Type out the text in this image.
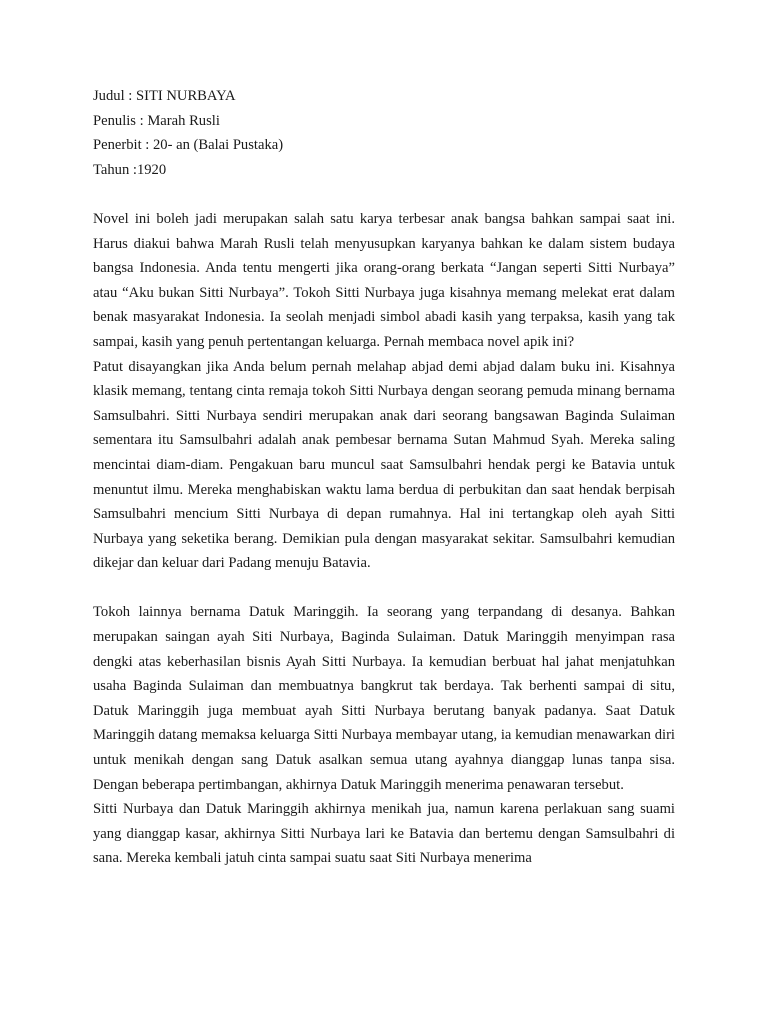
Judul : SITI NURBAYA
Penulis : Marah Rusli
Penerbit : 20- an (Balai Pustaka)
Tahun :1920

Novel ini boleh jadi merupakan salah satu karya terbesar anak bangsa bahkan sampai saat ini. Harus diakui bahwa Marah Rusli telah menyusupkan karyanya bahkan ke dalam sistem budaya bangsa Indonesia. Anda tentu mengerti jika orang-orang berkata “Jangan seperti Sitti Nurbaya” atau “Aku bukan Sitti Nurbaya”. Tokoh Sitti Nurbaya juga kisahnya memang melekat erat dalam benak masyarakat Indonesia. Ia seolah menjadi simbol abadi kasih yang terpaksa, kasih yang tak sampai, kasih yang penuh pertentangan keluarga. Pernah membaca novel apik ini?

Patut disayangkan jika Anda belum pernah melahap abjad demi abjad dalam buku ini. Kisahnya klasik memang, tentang cinta remaja tokoh Sitti Nurbaya dengan seorang pemuda minang bernama Samsulbahri. Sitti Nurbaya sendiri merupakan anak dari seorang bangsawan Baginda Sulaiman sementara itu Samsulbahri adalah anak pembesar bernama Sutan Mahmud Syah. Mereka saling mencintai diam-diam. Pengakuan baru muncul saat Samsulbahri hendak pergi ke Batavia untuk menuntut ilmu. Mereka menghabiskan waktu lama berdua di perbukitan dan saat hendak berpisah Samsulbahri mencium Sitti Nurbaya di depan rumahnya. Hal ini tertangkap oleh ayah Sitti Nurbaya yang seketika berang. Demikian pula dengan masyarakat sekitar. Samsulbahri kemudian dikejar dan keluar dari Padang menuju Batavia.

Tokoh lainnya bernama Datuk Maringgih. Ia seorang yang terpandang di desanya. Bahkan merupakan saingan ayah Siti Nurbaya, Baginda Sulaiman. Datuk Maringgih menyimpan rasa dengki atas keberhasilan bisnis Ayah Sitti Nurbaya. Ia kemudian berbuat hal jahat menjatuhkan usaha Baginda Sulaiman dan membuatnya bangkrut tak berdaya. Tak berhenti sampai di situ, Datuk Maringgih juga membuat ayah Sitti Nurbaya berutang banyak padanya. Saat Datuk Maringgih datang memaksa keluarga Sitti Nurbaya membayar utang, ia kemudian menawarkan diri untuk menikah dengan sang Datuk asalkan semua utang ayahnya dianggap lunas tanpa sisa. Dengan beberapa pertimbangan, akhirnya Datuk Maringgih menerima penawaran tersebut.

Sitti Nurbaya dan Datuk Maringgih akhirnya menikah jua, namun karena perlakuan sang suami yang dianggap kasar, akhirnya Sitti Nurbaya lari ke Batavia dan bertemu dengan Samsulbahri di sana. Mereka kembali jatuh cinta sampai suatu saat Siti Nurbaya menerima
